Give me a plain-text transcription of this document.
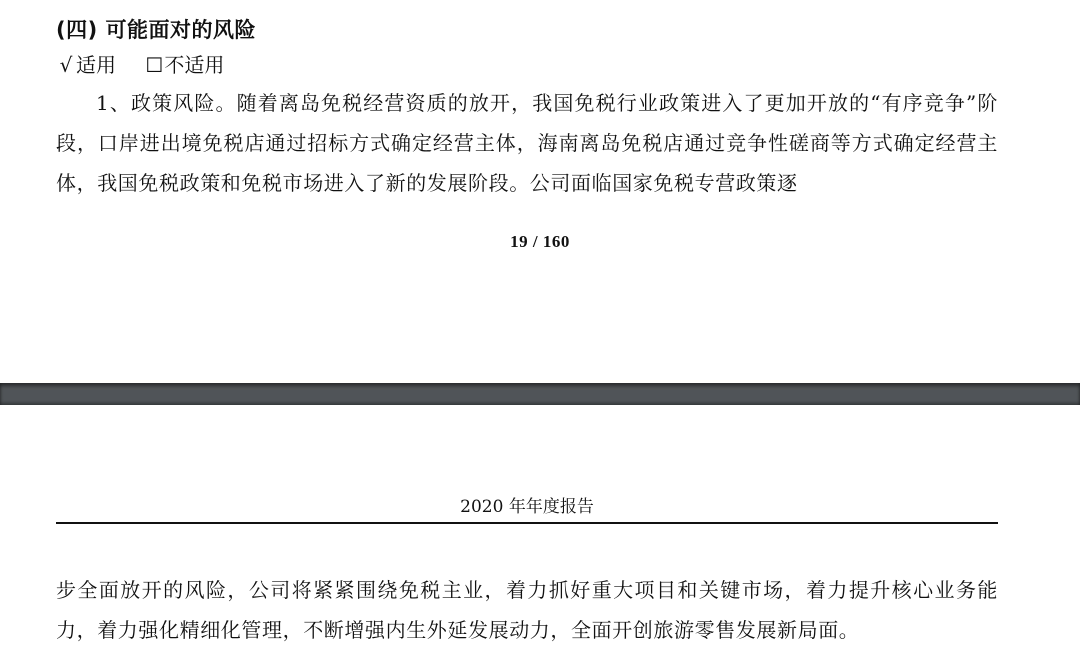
(四) 可能面对的风险
√ 适用 ☐不适用
1、政策风险。随着离岛免税经营资质的放开，我国免税行业政策进入了更加开放的“有序竞争”阶段，口岸进出境免税店通过招标方式确定经营主体，海南离岛免税店通过竞争性磋商等方式确定经营主体，我国免税政策和免税市场进入了新的发展阶段。公司面临国家免税专营政策逐
19 / 160
2020 年年度报告
步全面放开的风险，公司将紧紧围绕免税主业，着力抓好重大项目和关键市场，着力提升核心业务能力，着力强化精细化管理，不断增强内生外延发展动力，全面开创旅游零售发展新局面。
